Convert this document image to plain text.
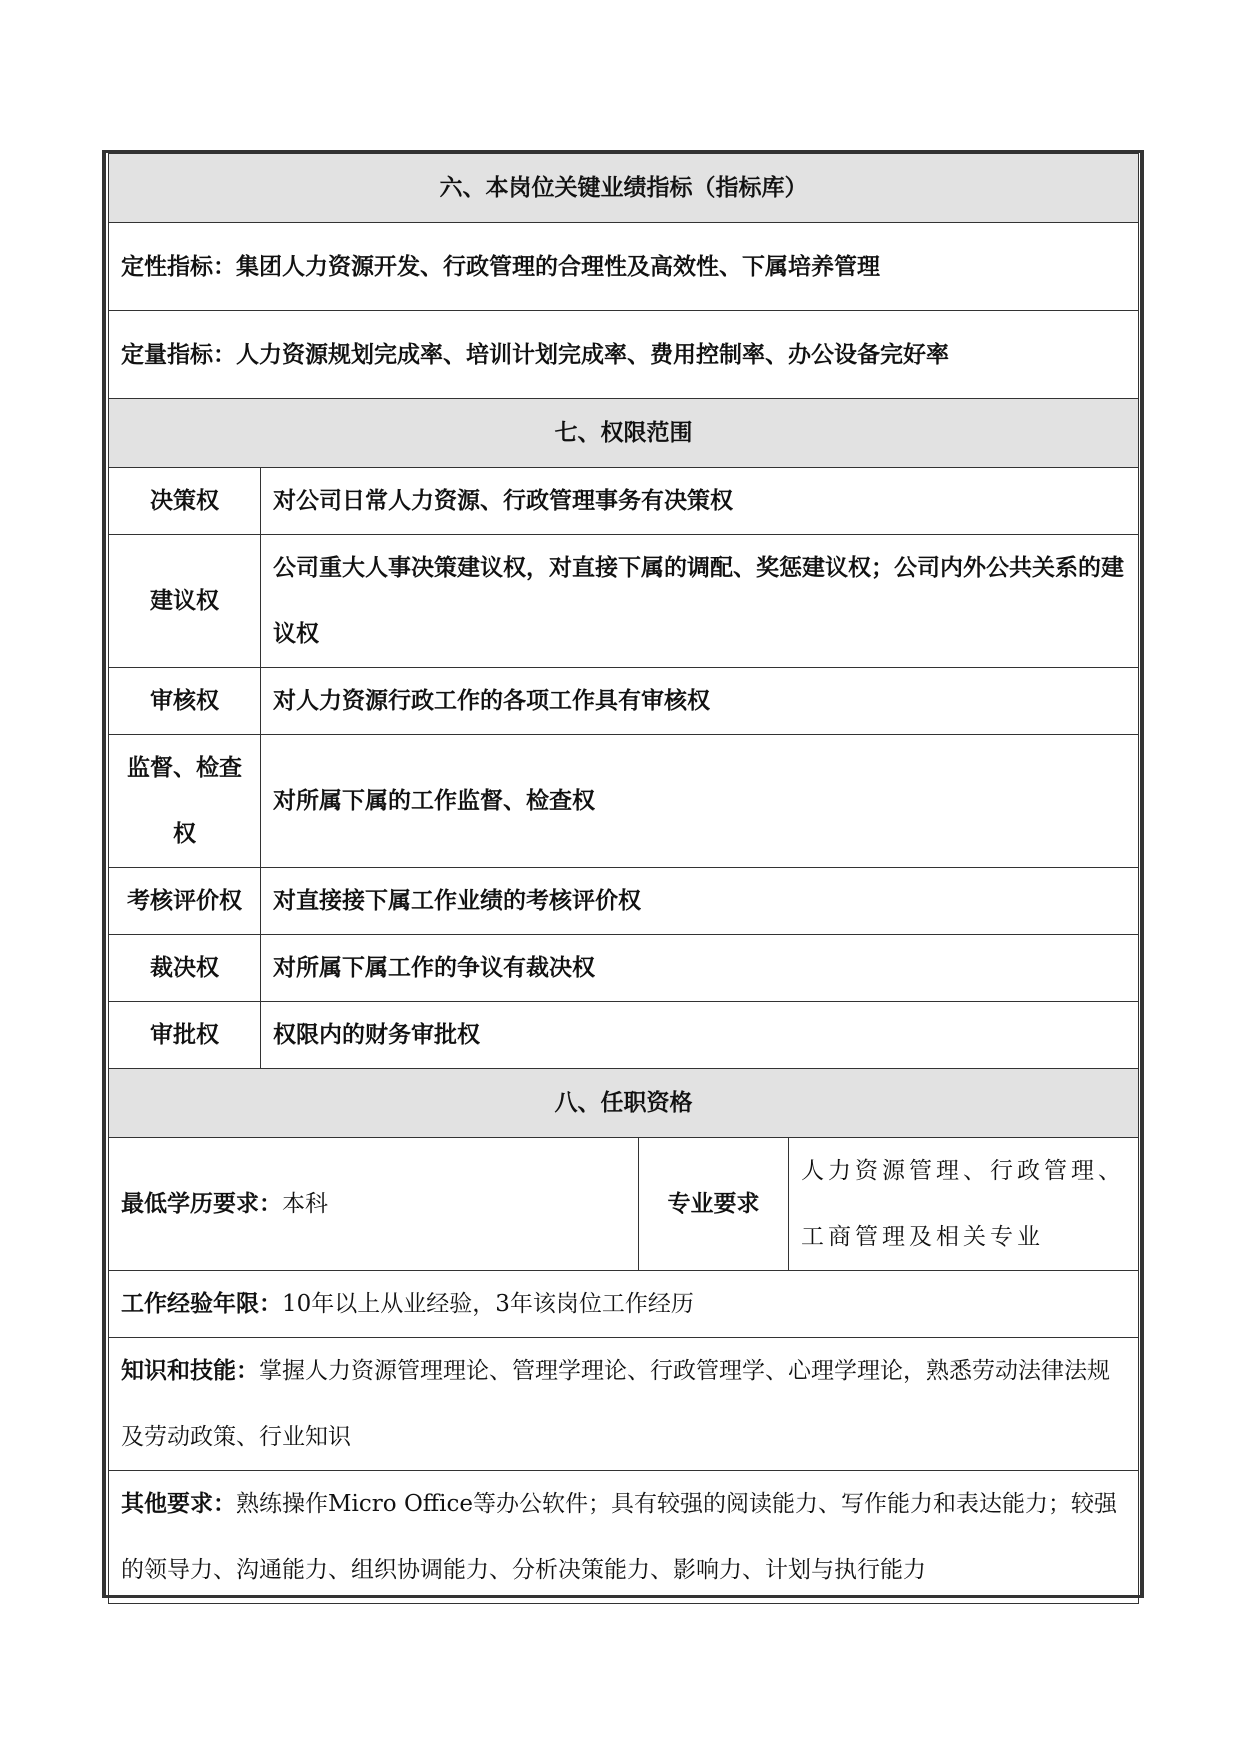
六、本岗位关键业绩指标（指标库）			
定性指标：集团人力资源开发、行政管理的合理性及高效性、下属培养管理			
定量指标：人力资源规划完成率、培训计划完成率、费用控制率、办公设备完好率			
七、权限范围			
决策权	对公司日常人力资源、行政管理事务有决策权		
建议权	公司重大人事决策建议权，对直接下属的调配、奖惩建议权；公司内外公共关系的建议权		
审核权	对人力资源行政工作的各项工作具有审核权		
监督、检查权	对所属下属的工作监督、检查权		
考核评价权	对直接接下属工作业绩的考核评价权		
裁决权	对所属下属工作的争议有裁决权		
审批权	权限内的财务审批权		
八、任职资格			
最低学历要求：本科		专业要求	人力资源管理、行政管理、工商管理及相关专业
工作经验年限：10年以上从业经验，3年该岗位工作经历			
知识和技能：掌握人力资源管理理论、管理学理论、行政管理学、心理学理论，熟悉劳动法律法规及劳动政策、行业知识			
其他要求：熟练操作Micro Office等办公软件；具有较强的阅读能力、写作能力和表达能力；较强的领导力、沟通能力、组织协调能力、分析决策能力、影响力、计划与执行能力			
